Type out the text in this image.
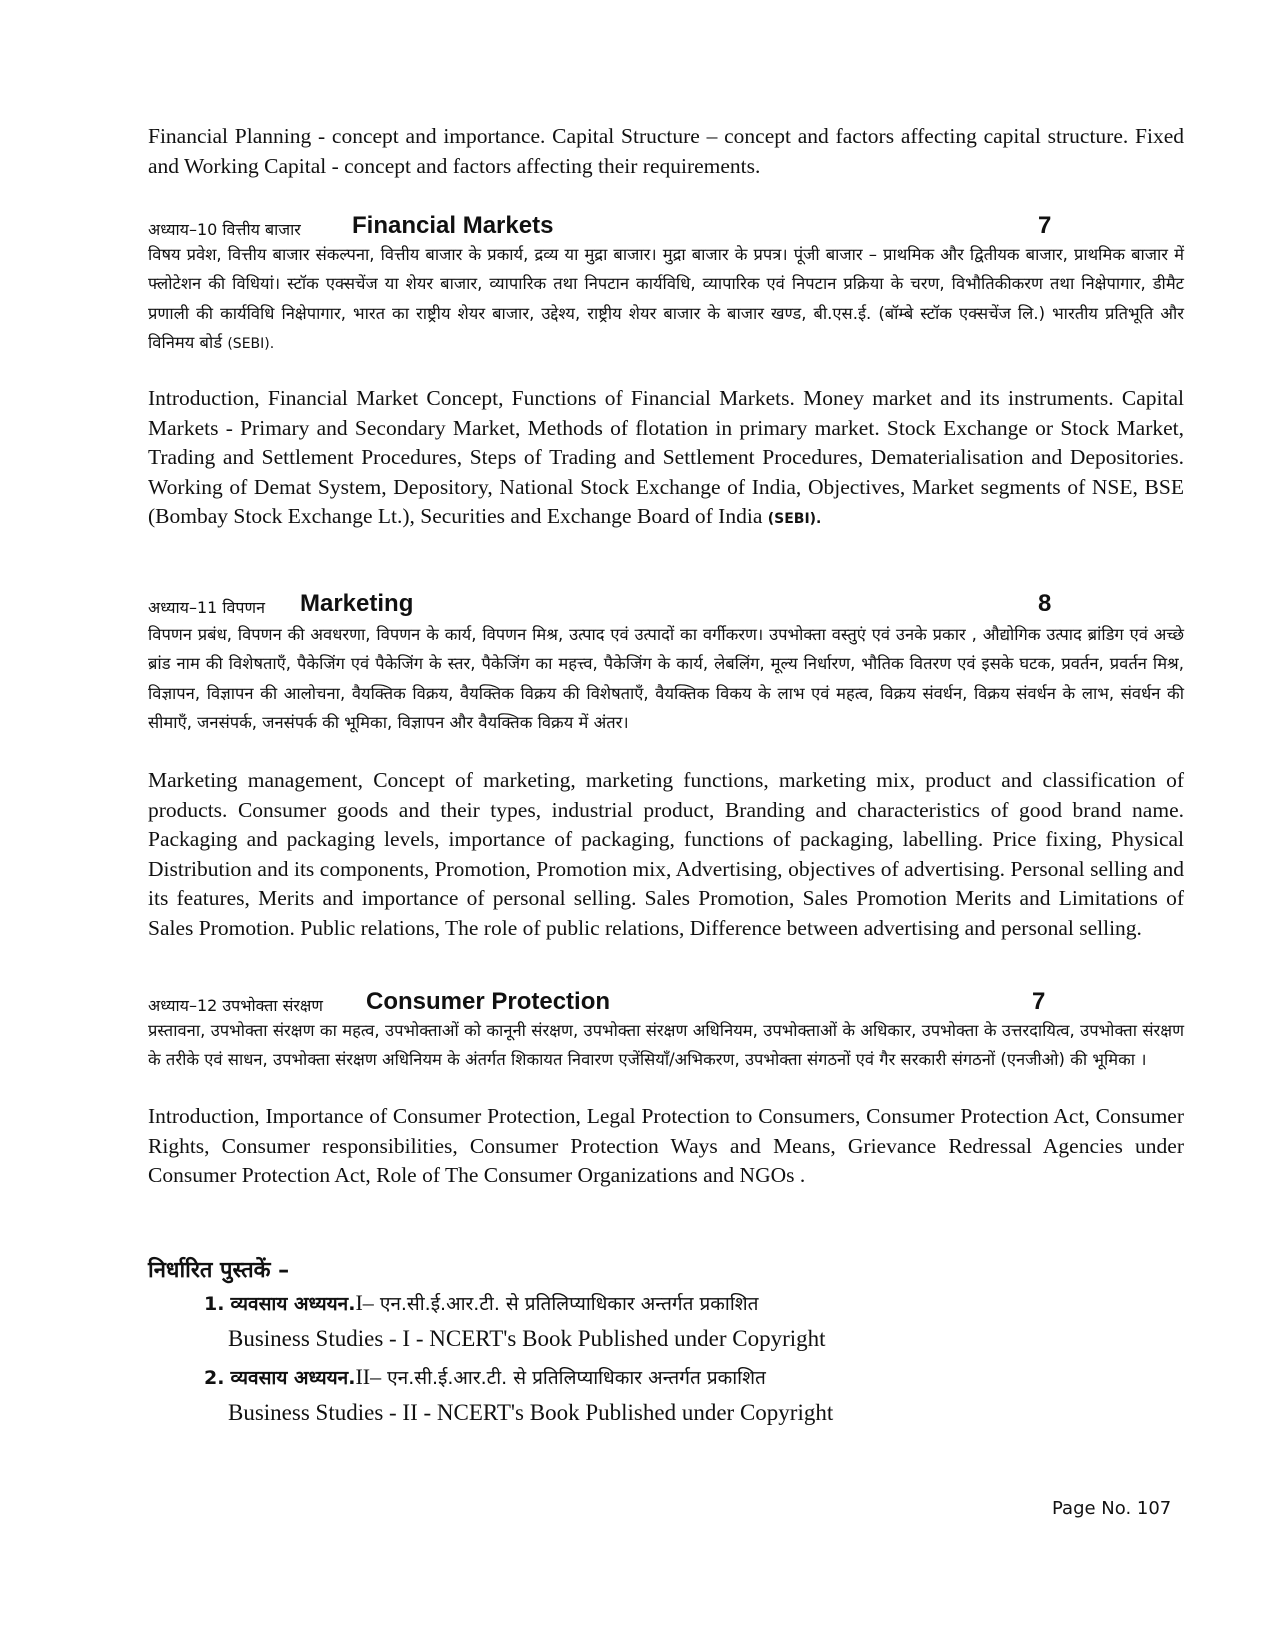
Financial Planning - concept and importance. Capital Structure – concept and factors affecting capital structure. Fixed and Working Capital - concept and factors affecting their requirements.
अध्याय–10 वित्तीय बाजार Financial Markets	7
विषय प्रवेश, वित्तीय बाजार संकल्पना, वित्तीय बाजार के प्रकार्य, द्रव्य या मुद्रा बाजार। मुद्रा बाजार के प्रपत्र। पूंजी बाजार – प्राथमिक और द्वितीयक बाजार, प्राथमिक बाजार में फ्लोटेशन की विधियां। स्टॉक एक्सचेंज या शेयर बाजार, व्यापारिक तथा निपटान कार्यविधि, व्यापारिक एवं निपटान प्रक्रिया के चरण, विभौतिकीकरण तथा निक्षेपागार, डीमैट प्रणाली की कार्यविधि निक्षेपागार, भारत का राष्ट्रीय शेयर बाजार, उद्देश्य, राष्ट्रीय शेयर बाजार के बाजार खण्ड, बी.एस.ई. (बॉम्बे स्टॉक एक्सचेंज लि.) भारतीय प्रतिभूति और विनिमय बोर्ड (SEBI).
Introduction, Financial Market Concept, Functions of Financial Markets. Money market and its instruments. Capital Markets - Primary and Secondary Market, Methods of flotation in primary market. Stock Exchange or Stock Market, Trading and Settlement Procedures, Steps of Trading and Settlement Procedures, Dematerialisation and Depositories. Working of Demat System, Depository, National Stock Exchange of India, Objectives, Market segments of NSE, BSE (Bombay Stock Exchange Lt.), Securities and Exchange Board of India (SEBI).
अध्याय–11 विपणन Marketing	8
विपणन प्रबंध, विपणन की अवधरणा, विपणन के कार्य, विपणन मिश्र, उत्पाद एवं उत्पादों का वर्गीकरण। उपभोक्ता वस्तुएं एवं उनके प्रकार , औद्योगिक उत्पाद ब्रांडिग एवं अच्छे ब्रांड नाम की विशेषताएँ, पैकेजिंग एवं पैकेजिंग के स्तर, पैकेजिंग का महत्त्व, पैकेजिंग के कार्य, लेबलिंग, मूल्य निर्धारण, भौतिक वितरण एवं इसके घटक, प्रवर्तन, प्रवर्तन मिश्र, विज्ञापन, विज्ञापन की आलोचना, वैयक्तिक विक्रय, वैयक्तिक विक्रय की विशेषताएँ, वैयक्तिक विकय के लाभ एवं महत्व, विक्रय संवर्धन, विक्रय संवर्धन के लाभ, संवर्धन की सीमाएँ, जनसंपर्क, जनसंपर्क की भूमिका, विज्ञापन और वैयक्तिक विक्रय में अंतर।
Marketing management, Concept of marketing, marketing functions, marketing mix, product and classification of products. Consumer goods and their types, industrial product, Branding and characteristics of good brand name. Packaging and packaging levels, importance of packaging, functions of packaging, labelling. Price fixing, Physical Distribution and its components, Promotion, Promotion mix, Advertising, objectives of advertising. Personal selling and its features, Merits and importance of personal selling. Sales Promotion, Sales Promotion Merits and Limitations of Sales Promotion. Public relations, The role of public relations, Difference between advertising and personal selling.
अध्याय–12 उपभोक्ता संरक्षण Consumer Protection	7
प्रस्तावना, उपभोक्ता संरक्षण का महत्व, उपभोक्ताओं को कानूनी संरक्षण, उपभोक्ता संरक्षण अधिनियम, उपभोक्ताओं के अधिकार, उपभोक्ता के उत्तरदायित्व, उपभोक्ता संरक्षण के तरीके एवं साधन, उपभोक्ता संरक्षण अधिनियम के अंतर्गत शिकायत निवारण एजेंसियाँ/अभिकरण, उपभोक्ता संगठनों एवं गैर सरकारी संगठनों (एनजीओ) की भूमिका ।
Introduction, Importance of Consumer Protection, Legal Protection to Consumers, Consumer Protection Act, Consumer Rights, Consumer responsibilities, Consumer Protection Ways and Means, Grievance Redressal Agencies under Consumer Protection Act, Role of The Consumer Organizations and NGOs .
निर्धारित पुस्तकें –
1. व्यवसाय अध्ययन.I– एन.सी.ई.आर.टी. से प्रतिलिप्याधिकार अन्तर्गत प्रकाशित
Business Studies - I - NCERT's Book Published under Copyright
2. व्यवसाय अध्ययन.II– एन.सी.ई.आर.टी. से प्रतिलिप्याधिकार अन्तर्गत प्रकाशित
Business Studies - II - NCERT's Book Published under Copyright
Page No. 107
